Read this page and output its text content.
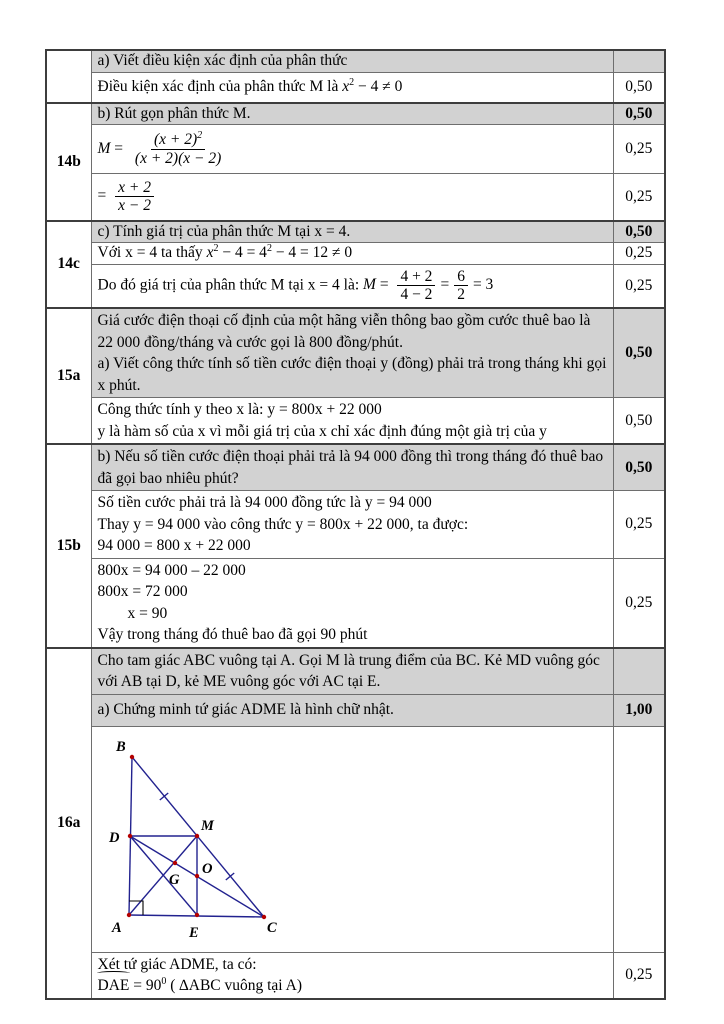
	a) Viết điều kiện xác định của phân thức	
	Điều kiện xác định của phân thức M là $x^2 - 4 \ne 0$	0,50
14b	b) Rút gọn phân thức M.	0,50
	$M = \frac{(x + 2)^2}{(x + 2)(x - 2)}$	0,25
	= $\frac{x + 2}{x - 2}$	0,25
14c	c) Tính giá trị của phân thức M tại x = 4.	0,50
	Với x = 4 ta thấy $x^2 - 4 = 4^2 - 4 = 12 \ne 0$	0,25
Do đó giá trị của phân thức M tại x = 4 là: $M = \frac{4 + 2}{4 - 2} = \frac{6}{2} = 3$	0,25
15a	Giá cước điện thoại cố định của một hãng viễn thông bao gồm cước thuê bao là 22 000 đồng/tháng và cước gọi là 800 đồng/phút.
a) Viết công thức tính số tiền cước điện thoại y (đồng) phải trả trong tháng khi gọi x phút.	0,50

	Công thức tính y theo x là: y = 800x + 22 000
y là hàm số của x vì mỗi giá trị của x chỉ xác định đúng một già trị của y	0,50
15b	b) Nếu số tiền cước điện thoại phải trả là 94 000 đồng thì trong tháng đó thuê bao đã gọi bao nhiêu phút?	0,50

	Số tiền cước phải trả là 94 000 đồng tức là y = 94 000
Thay y = 94 000 vào công thức y = 800x + 22 000, ta được:
94 000 = 800 x + 22 000	0,25

	800x = 94 000 – 22 000
800x = 72 000
x = 90
Vậy trong tháng đó thuê bao đã gọi 90 phút	0,25
16a	Cho tam giác ABC vuông tại A. Gọi M là trung điểm của BC. Kẻ MD vuông góc với AB tại D, kẻ ME vuông góc với AC tại E.	
	a) Chứng minh tứ giác ADME là hình chữ nhật.	1,00

B
D
M
O
G
A	E	C

	Xét tứ giác ADME, ta có:
DAE = $90^0$ ( ∆ABC vuông tại A)	0,25
